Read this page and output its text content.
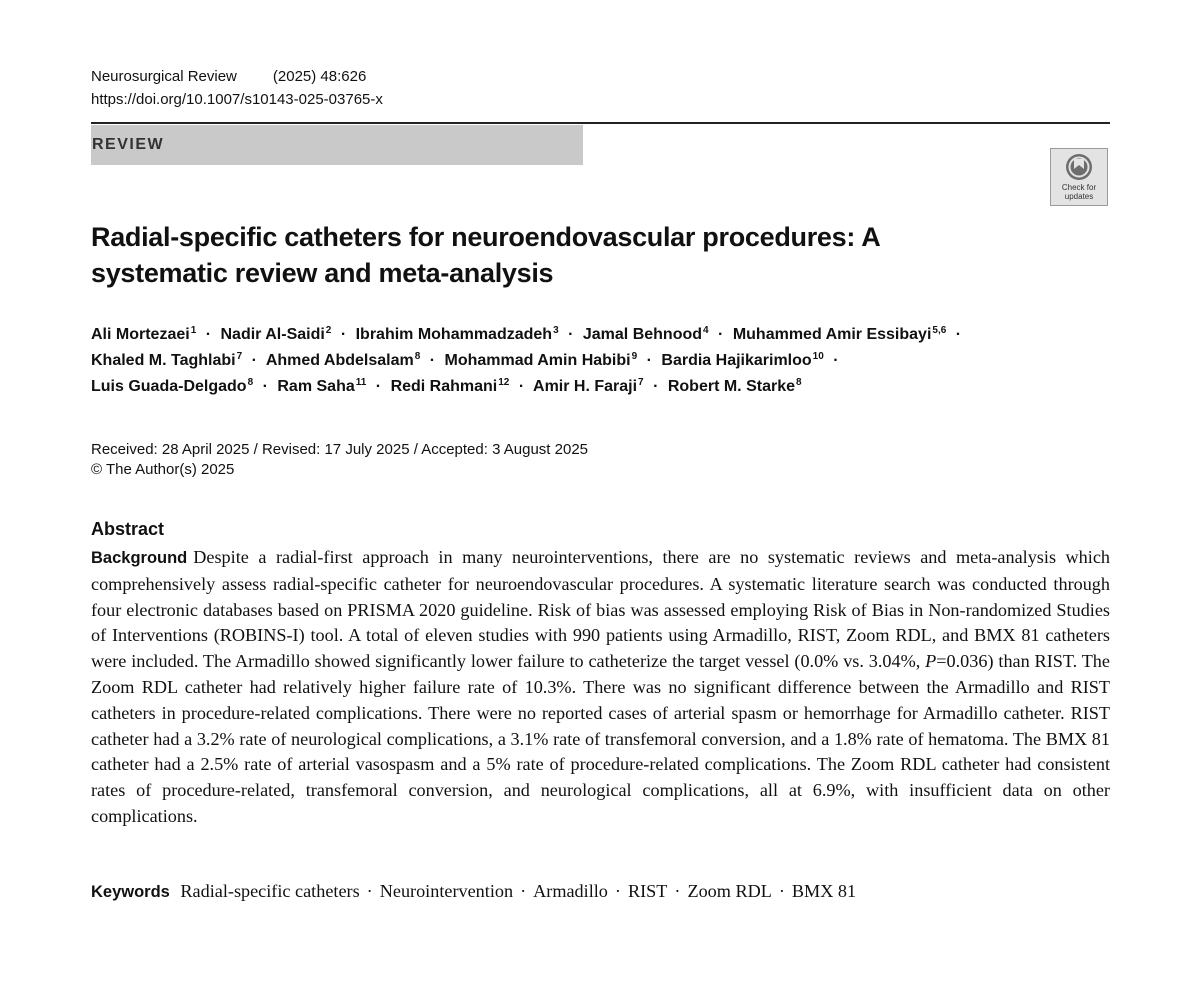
Neurosurgical Review (2025) 48:626
https://doi.org/10.1007/s10143-025-03765-x
REVIEW
Check for
updates
Radial-specific catheters for neuroendovascular procedures: A systematic review and meta-analysis
Ali Mortezaei$^1$ · Nadir Al-Saidi$^2$ · Ibrahim Mohammadzadeh$^3$ · Jamal Behnood$^4$ · Muhammed Amir Essibayi$^{5,6}$ ·
Khaled M. Taghlabi$^7$ · Ahmed Abdelsalam$^8$ · Mohammad Amin Habibi$^9$ · Bardia Hajikarimloo$^{10}$ ·
Luis Guada-Delgado$^8$ · Ram Saha$^{11}$ · Redi Rahmani$^{12}$ · Amir H. Faraji$^7$ · Robert M. Starke$^8$
Received: 28 April 2025 / Revised: 17 July 2025 / Accepted: 3 August 2025
© The Author(s) 2025
Abstract

Background Despite a radial-first approach in many neurointerventions, there are no systematic reviews and meta-analysis which comprehensively assess radial-specific catheter for neuroendovascular procedures. A systematic literature search was conducted through four electronic databases based on PRISMA 2020 guideline. Risk of bias was assessed employing Risk of Bias in Non-randomized Studies of Interventions (ROBINS-I) tool. A total of eleven studies with 990 patients using Armadillo, RIST, Zoom RDL, and BMX 81 catheters were included. The Armadillo showed significantly lower failure to catheterize the target vessel (0.0% vs. 3.04%, P=0.036) than RIST. The Zoom RDL catheter had relatively higher failure rate of 10.3%. There was no significant difference between the Armadillo and RIST catheters in procedure-related complications. There were no reported cases of arterial spasm or hemorrhage for Armadillo catheter. RIST catheter had a 3.2% rate of neurological complications, a 3.1% rate of transfemoral conversion, and a 1.8% rate of hematoma. The BMX 81 catheter had a 2.5% rate of arterial vasospasm and a 5% rate of procedure-related complications. The Zoom RDL catheter had consistent rates of procedure-related, transfemoral conversion, and neurological complications, all at 6.9%, with insufficient data on other complications.

Keywords Radial-specific catheters · Neurointervention · Armadillo · RIST · Zoom RDL · BMX 81
